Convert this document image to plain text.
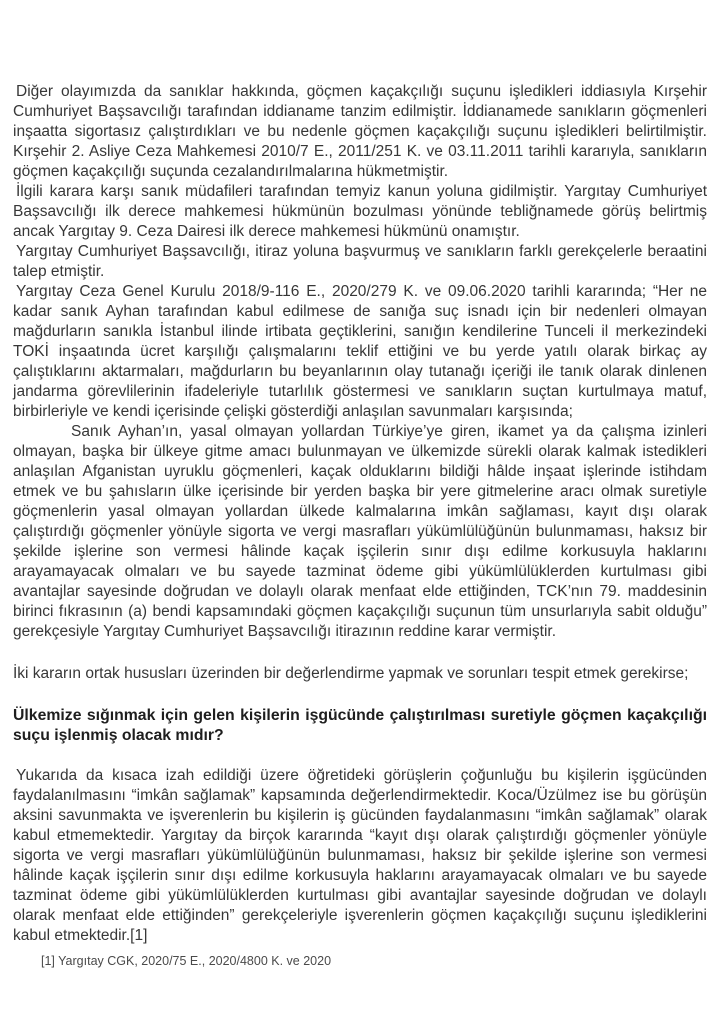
Diğer olayımızda da sanıklar hakkında, göçmen kaçakçılığı suçunu işledikleri iddiasıyla Kırşehir Cumhuriyet Başsavcılığı tarafından iddianame tanzim edilmiştir. İddianamede sanıkların göçmenleri inşaatta sigortasız çalıştırdıkları ve bu nedenle göçmen kaçakçılığı suçunu işledikleri belirtilmiştir. Kırşehir 2. Asliye Ceza Mahkemesi 2010/7 E., 2011/251 K. ve 03.11.2011 tarihli kararıyla, sanıkların göçmen kaçakçılığı suçunda cezalandırılmalarına hükmetmiştir.

İlgili karara karşı sanık müdafileri tarafından temyiz kanun yoluna gidilmiştir. Yargıtay Cumhuriyet Başsavcılığı ilk derece mahkemesi hükmünün bozulması yönünde tebliğnamede görüş belirtmiş ancak Yargıtay 9. Ceza Dairesi ilk derece mahkemesi hükmünü onamıştır.

Yargıtay Cumhuriyet Başsavcılığı, itiraz yoluna başvurmuş ve sanıkların farklı gerekçelerle beraatini talep etmiştir.

Yargıtay Ceza Genel Kurulu 2018/9-116 E., 2020/279 K. ve 09.06.2020 tarihli kararında; “Her ne kadar sanık Ayhan tarafından kabul edilmese de sanığa suç isnadı için bir nedenleri olmayan mağdurların sanıkla İstanbul ilinde irtibata geçtiklerini, sanığın kendilerine Tunceli il merkezindeki TOKİ inşaatında ücret karşılığı çalışmalarını teklif ettiğini ve bu yerde yatılı olarak birkaç ay çalıştıklarını aktarmaları, mağdurların bu beyanlarının olay tutanağı içeriği ile tanık olarak dinlenen jandarma görevlilerinin ifadeleriyle tutarlılık göstermesi ve sanıkların suçtan kurtulmaya matuf, birbirleriyle ve kendi içerisinde çelişki gösterdiği anlaşılan savunmaları karşısında;

Sanık Ayhan’ın, yasal olmayan yollardan Türkiye’ye giren, ikamet ya da çalışma izinleri olmayan, başka bir ülkeye gitme amacı bulunmayan ve ülkemizde sürekli olarak kalmak istedikleri anlaşılan Afganistan uyruklu göçmenleri, kaçak olduklarını bildiği hâlde inşaat işlerinde istihdam etmek ve bu şahısların ülke içerisinde bir yerden başka bir yere gitmelerine aracı olmak suretiyle göçmenlerin yasal olmayan yollardan ülkede kalmalarına imkân sağlaması, kayıt dışı olarak çalıştırdığı göçmenler yönüyle sigorta ve vergi masrafları yükümlülüğünün bulunmaması, haksız bir şekilde işlerine son vermesi hâlinde kaçak işçilerin sınır dışı edilme korkusuyla haklarını arayamayacak olmaları ve bu sayede tazminat ödeme gibi yükümlülüklerden kurtulması gibi avantajlar sayesinde doğrudan ve dolaylı olarak menfaat elde ettiğinden, TCK’nın 79. maddesinin birinci fıkrasının (a) bendi kapsamındaki göçmen kaçakçılığı suçunun tüm unsurlarıyla sabit olduğu” gerekçesiyle Yargıtay Cumhuriyet Başsavcılığı itirazının reddine karar vermiştir.

İki kararın ortak hususları üzerinden bir değerlendirme yapmak ve sorunları tespit etmek gerekirse;

Ülkemize sığınmak için gelen kişilerin işgücünde çalıştırılması suretiyle göçmen kaçakçılığı suçu işlenmiş olacak mıdır?

Yukarıda da kısaca izah edildiği üzere öğretideki görüşlerin çoğunluğu bu kişilerin işgücünden faydalanılmasını “imkân sağlamak” kapsamında değerlendirmektedir. Koca/Üzülmez ise bu görüşün aksini savunmakta ve işverenlerin bu kişilerin iş gücünden faydalanmasını “imkân sağlamak” olarak kabul etmemektedir. Yargıtay da birçok kararında “kayıt dışı olarak çalıştırdığı göçmenler yönüyle sigorta ve vergi masrafları yükümlülüğünün bulunmaması, haksız bir şekilde işlerine son vermesi hâlinde kaçak işçilerin sınır dışı edilme korkusuyla haklarını arayamayacak olmaları ve bu sayede tazminat ödeme gibi yükümlülüklerden kurtulması gibi avantajlar sayesinde doğrudan ve dolaylı olarak menfaat elde ettiğinden” gerekçeleriyle işverenlerin göçmen kaçakçılığı suçunu işlediklerini kabul etmektedir.[1]

[1] Yargıtay CGK, 2020/75 E., 2020/4800 K. ve 2020
